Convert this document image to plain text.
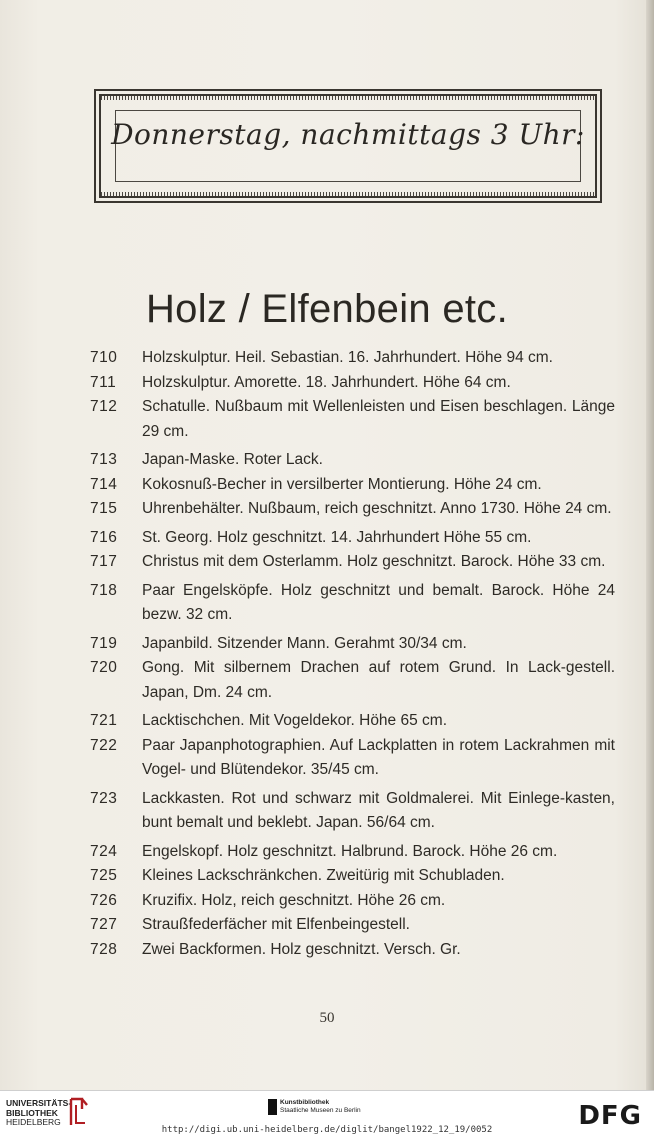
Donnerstag, nachmittags 3 Uhr:
Holz / Elfenbein etc.
710	Holzskulptur. Heil. Sebastian. 16. Jahrhundert. Höhe 94 cm.
711	Holzskulptur. Amorette. 18. Jahrhundert. Höhe 64 cm.
712	Schatulle. Nußbaum mit Wellenleisten und Eisen beschlagen. Länge 29 cm.
713	Japan-Maske. Roter Lack.
714	Kokosnuß-Becher in versilberter Montierung. Höhe 24 cm.
715	Uhrenbehälter. Nußbaum, reich geschnitzt. Anno 1730. Höhe 24 cm.
716	St. Georg. Holz geschnitzt. 14. Jahrhundert Höhe 55 cm.
717	Christus mit dem Osterlamm. Holz geschnitzt. Barock. Höhe 33 cm.
718	Paar Engelsköpfe. Holz geschnitzt und bemalt. Barock. Höhe 24 bezw. 32 cm.
719	Japanbild. Sitzender Mann. Gerahmt 30/34 cm.
720	Gong. Mit silbernem Drachen auf rotem Grund. In Lack-gestell. Japan, Dm. 24 cm.
721	Lacktischchen. Mit Vogeldekor. Höhe 65 cm.
722	Paar Japanphotographien. Auf Lackplatten in rotem Lackrahmen mit Vogel- und Blütendekor. 35/45 cm.
723	Lackkasten. Rot und schwarz mit Goldmalerei. Mit Einlege-kasten, bunt bemalt und beklebt. Japan. 56/64 cm.
724	Engelskopf. Holz geschnitzt. Halbrund. Barock. Höhe 26 cm.
725	Kleines Lackschränkchen. Zweitürig mit Schubladen.
726	Kruzifix. Holz, reich geschnitzt. Höhe 26 cm.
727	Straußfederfächer mit Elfenbeingestell.
728	Zwei Backformen. Holz geschnitzt. Versch. Gr.
50
UNIVERSITÄTS-
BIBLIOTHEK
HEIDELBERG
Kunstbibliothek
Staatliche Museen zu Berlin	DFG
http://digi.ub.uni-heidelberg.de/diglit/bangel1922_12_19/0052
